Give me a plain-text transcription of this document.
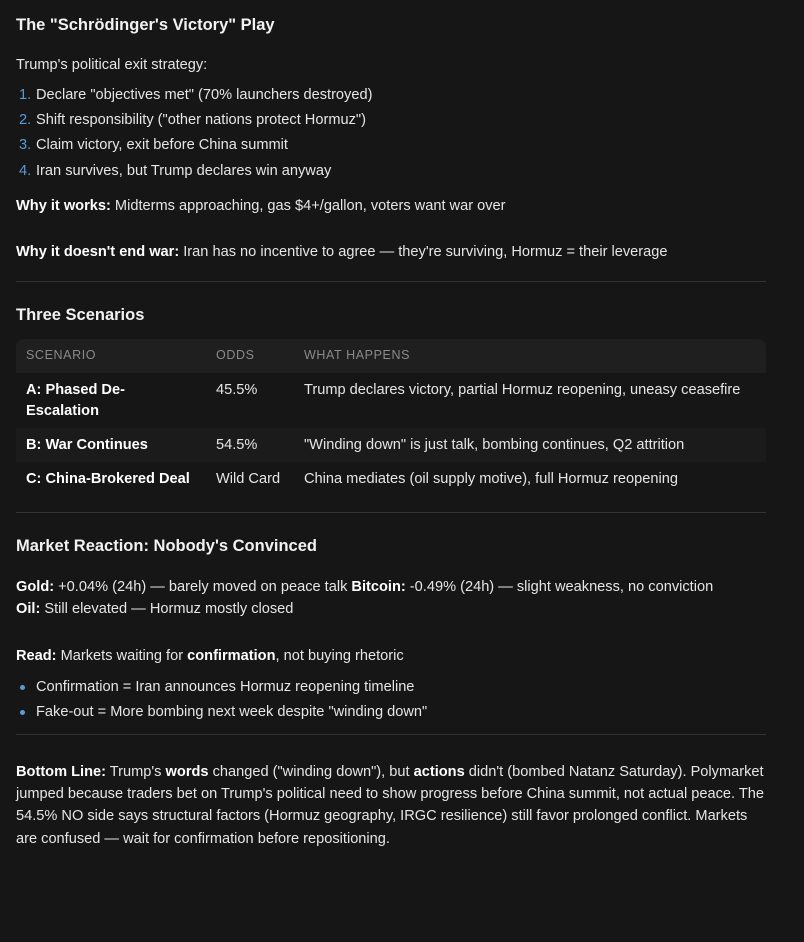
The "Schrödinger's Victory" Play

Trump's political exit strategy:

1. Declare "objectives met" (70% launchers destroyed)
2. Shift responsibility ("other nations protect Hormuz")
3. Claim victory, exit before China summit
4. Iran survives, but Trump declares win anyway

Why it works: Midterms approaching, gas $4+/gallon, voters want war over

Why it doesn't end war: Iran has no incentive to agree — they're surviving, Hormuz = their leverage

Three Scenarios
SCENARIO	ODDS	WHAT HAPPENS
A: Phased De-Escalation	45.5%	Trump declares victory, partial Hormuz reopening, uneasy ceasefire
B: War Continues	54.5%	"Winding down" is just talk, bombing continues, Q2 attrition
C: China-Brokered Deal	Wild Card	China mediates (oil supply motive), full Hormuz reopening
Market Reaction: Nobody's Convinced

Gold: +0.04% (24h) — barely moved on peace talk Bitcoin: -0.49% (24h) — slight weakness, no conviction

Oil: Still elevated — Hormuz mostly closed

Read: Markets waiting for confirmation, not buying rhetoric

Confirmation = Iran announces Hormuz reopening timeline
Fake-out = More bombing next week despite "winding down"

Bottom Line: Trump's words changed ("winding down"), but actions didn't (bombed Natanz Saturday). Polymarket jumped because traders bet on Trump's political need to show progress before China summit, not actual peace. The 54.5% NO side says structural factors (Hormuz geography, IRGC resilience) still favor prolonged conflict. Markets are confused — wait for confirmation before repositioning.
